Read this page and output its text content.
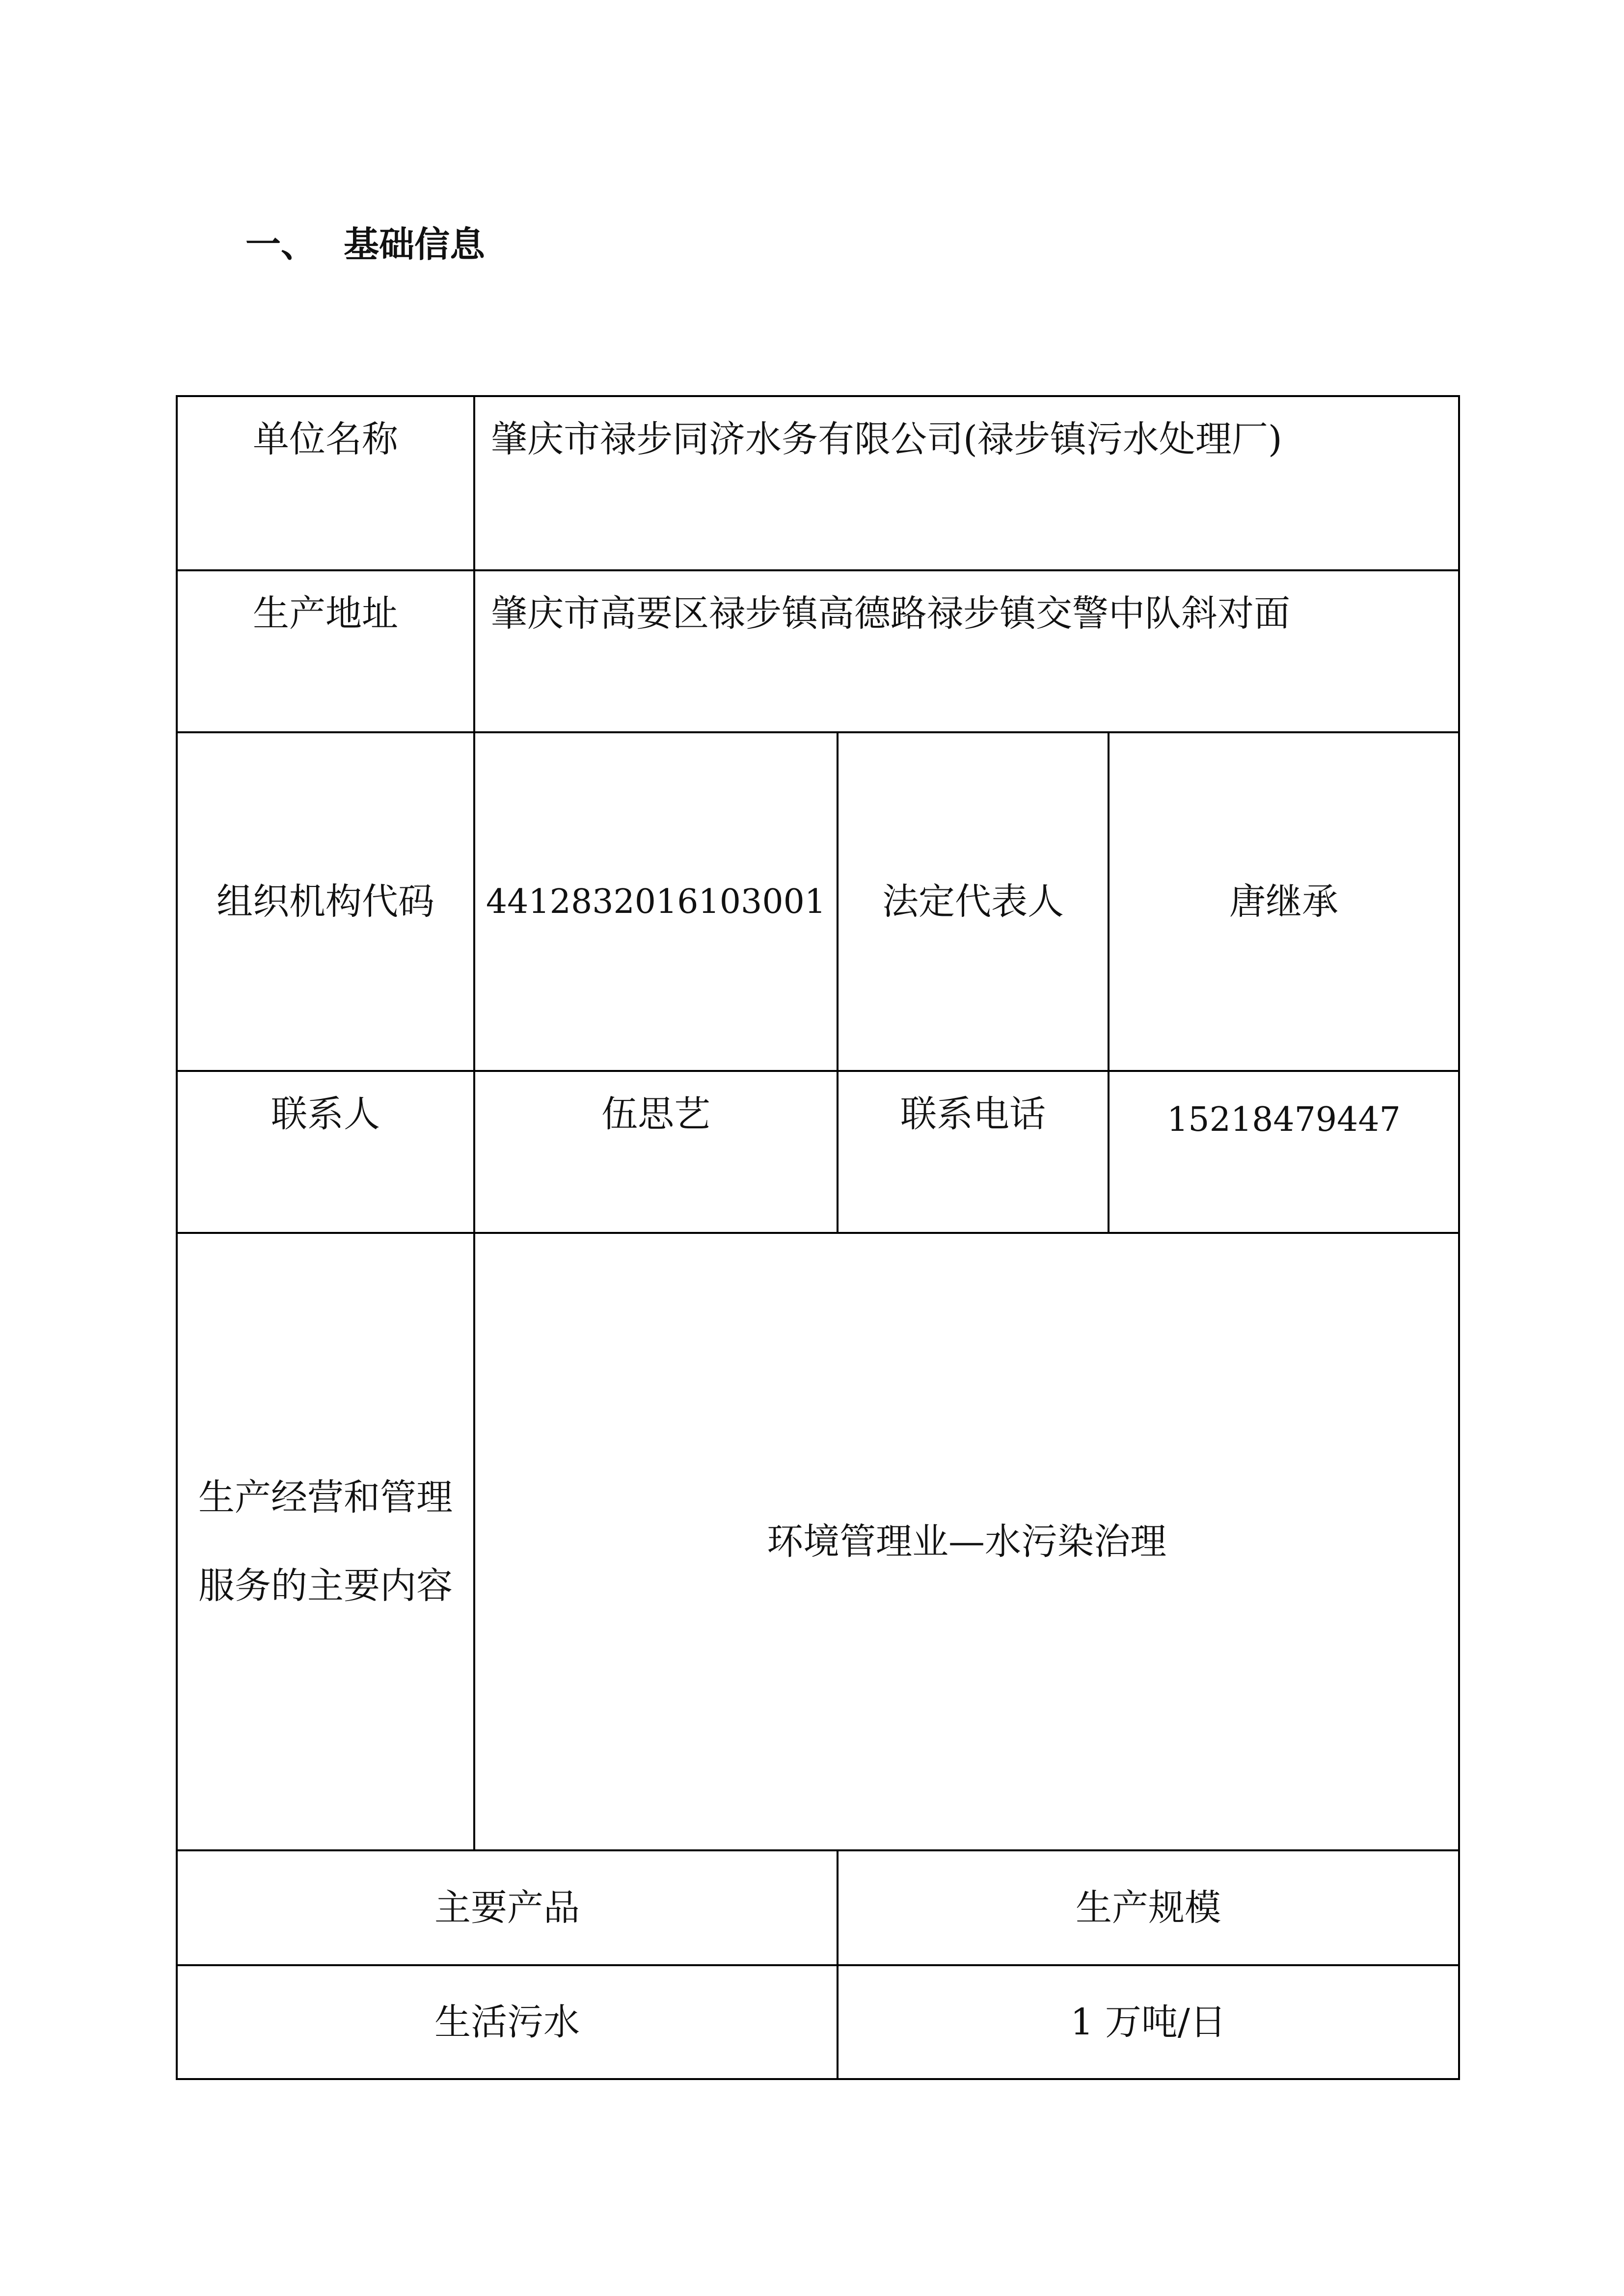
一、 基础信息
单位名称	肇庆市禄步同济水务有限公司(禄步镇污水处理厂)		
生产地址	肇庆市高要区禄步镇高德路禄步镇交警中队斜对面		
组织机构代码	4412832016103001	法定代表人	唐继承
联系人	伍思艺	联系电话	15218479447
生产经营和管理
服务的主要内容	环境管理业—水污染治理		
主要产品		生产规模	
生活污水		1 万吨/日	
